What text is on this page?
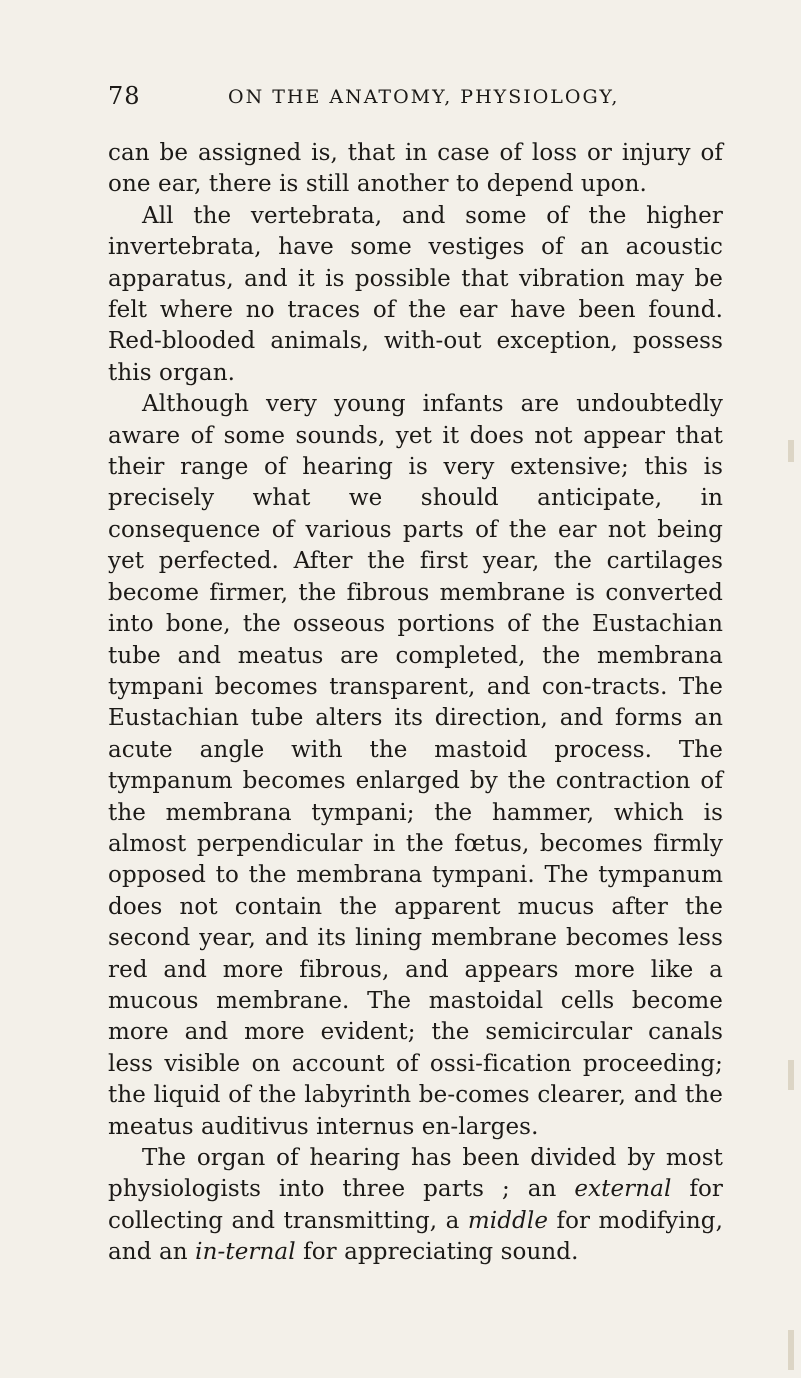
78	ON THE ANATOMY, PHYSIOLOGY,

can be assigned is, that in case of loss or injury of one ear, there is still another to depend upon.

All the vertebrata, and some of the higher invertebrata, have some vestiges of an acoustic apparatus, and it is possible that vibration may be felt where no traces of the ear have been found. Red-blooded animals, with-out exception, possess this organ.

Although very young infants are undoubtedly aware of some sounds, yet it does not appear that their range of hearing is very extensive; this is precisely what we should anticipate, in consequence of various parts of the ear not being yet perfected. After the first year, the cartilages become firmer, the fibrous membrane is converted into bone, the osseous portions of the Eustachian tube and meatus are completed, the membrana tympani becomes transparent, and con-tracts. The Eustachian tube alters its direction, and forms an acute angle with the mastoid process. The tympanum becomes enlarged by the contraction of the membrana tympani; the hammer, which is almost perpendicular in the fœtus, becomes firmly opposed to the membrana tympani. The tympanum does not contain the apparent mucus after the second year, and its lining membrane becomes less red and more fibrous, and appears more like a mucous membrane. The mastoidal cells become more and more evident; the semicircular canals less visible on account of ossi-fication proceeding; the liquid of the labyrinth be-comes clearer, and the meatus auditivus internus en-larges.

The organ of hearing has been divided by most physiologists into three parts ; an external for collecting and transmitting, a middle for modifying, and an in-ternal for appreciating sound.
